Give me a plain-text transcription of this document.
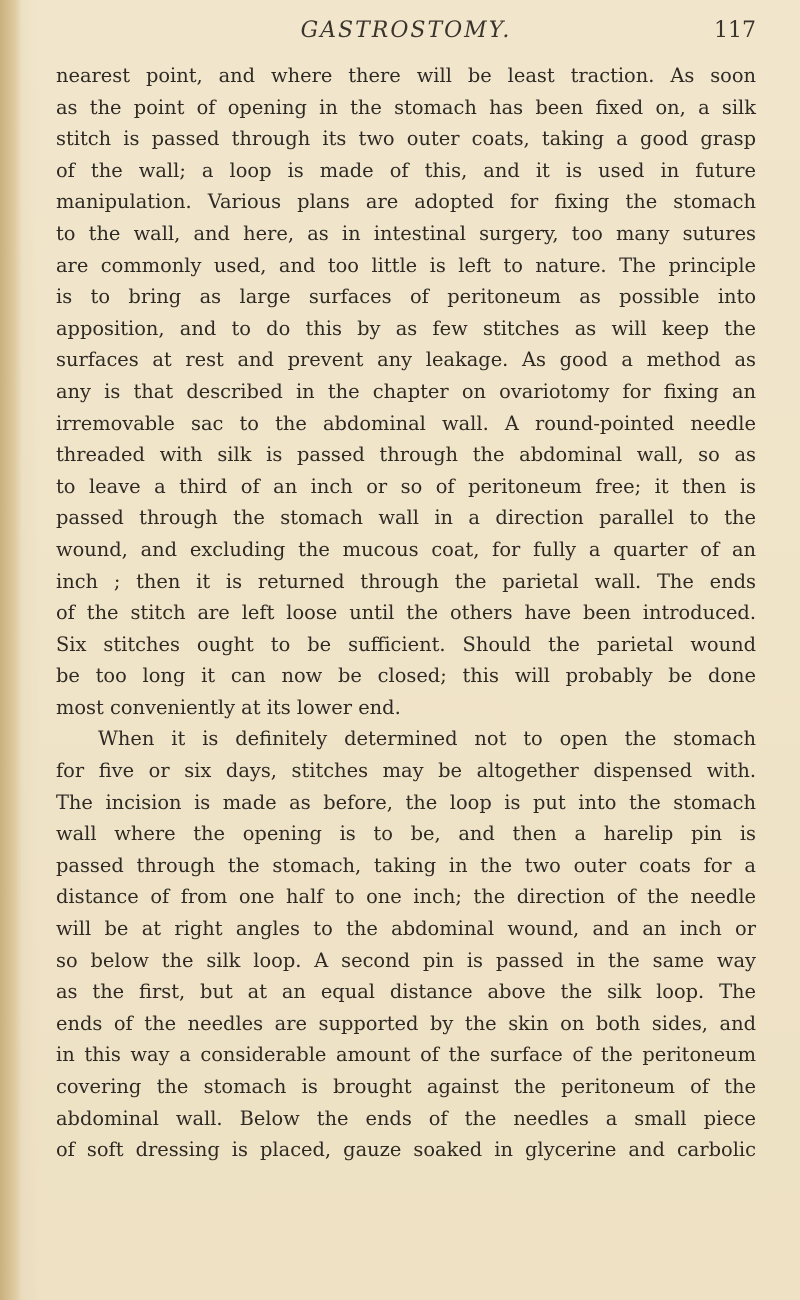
GASTROSTOMY.	117
nearest point, and where there will be least traction. As soon
as the point of opening in the stomach has been fixed on, a silk
stitch is passed through its two outer coats, taking a good grasp
of the wall; a loop is made of this, and it is used in future
manipulation. Various plans are adopted for fixing the stomach
to the wall, and here, as in intestinal surgery, too many sutures
are commonly used, and too little is left to nature. The principle
is to bring as large surfaces of peritoneum as possible into
apposition, and to do this by as few stitches as will keep the
surfaces at rest and prevent any leakage. As good a method as
any is that described in the chapter on ovariotomy for fixing an
irremovable sac to the abdominal wall. A round-pointed needle
threaded with silk is passed through the abdominal wall, so as
to leave a third of an inch or so of peritoneum free; it then is
passed through the stomach wall in a direction parallel to the
wound, and excluding the mucous coat, for fully a quarter of an
inch ; then it is returned through the parietal wall. The ends
of the stitch are left loose until the others have been introduced.
Six stitches ought to be sufficient. Should the parietal wound
be too long it can now be closed; this will probably be done
most conveniently at its lower end.
When it is definitely determined not to open the stomach
for five or six days, stitches may be altogether dispensed with.
The incision is made as before, the loop is put into the stomach
wall where the opening is to be, and then a harelip pin is
passed through the stomach, taking in the two outer coats for a
distance of from one half to one inch; the direction of the needle
will be at right angles to the abdominal wound, and an inch or
so below the silk loop. A second pin is passed in the same way
as the first, but at an equal distance above the silk loop. The
ends of the needles are supported by the skin on both sides, and
in this way a considerable amount of the surface of the peritoneum
covering the stomach is brought against the peritoneum of the
abdominal wall. Below the ends of the needles a small piece
of soft dressing is placed, gauze soaked in glycerine and carbolic
